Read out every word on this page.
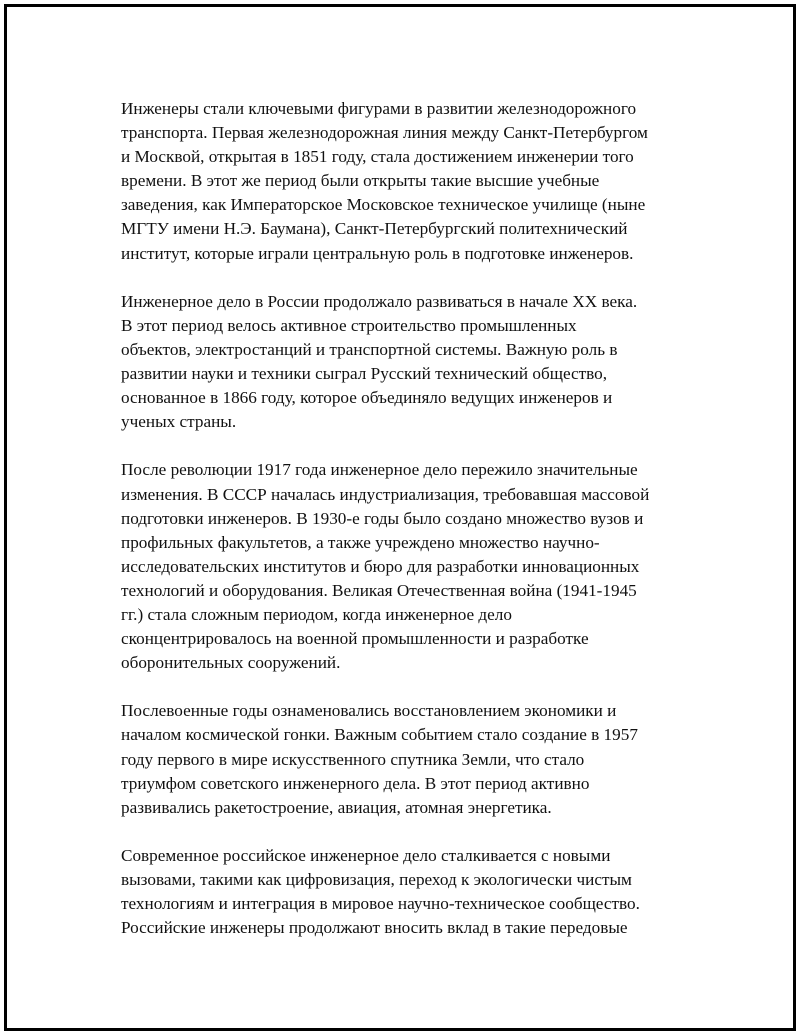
Инженеры стали ключевыми фигурами в развитии железнодорожного
транспорта. Первая железнодорожная линия между Санкт-Петербургом
и Москвой, открытая в 1851 году, стала достижением инженерии того
времени. В этот же период были открыты такие высшие учебные
заведения, как Императорское Московское техническое училище (ныне
МГТУ имени Н.Э. Баумана), Санкт-Петербургский политехнический
институт, которые играли центральную роль в подготовке инженеров.

Инженерное дело в России продолжало развиваться в начале XX века.
В этот период велось активное строительство промышленных
объектов, электростанций и транспортной системы. Важную роль в
развитии науки и техники сыграл Русский технический общество,
основанное в 1866 году, которое объединяло ведущих инженеров и
ученых страны.

После революции 1917 года инженерное дело пережило значительные
изменения. В СССР началась индустриализация, требовавшая массовой
подготовки инженеров. В 1930-е годы было создано множество вузов и
профильных факультетов, а также учреждено множество научно-
исследовательских институтов и бюро для разработки инновационных
технологий и оборудования. Великая Отечественная война (1941-1945
гг.) стала сложным периодом, когда инженерное дело
сконцентрировалось на военной промышленности и разработке
оборонительных сооружений.

Послевоенные годы ознаменовались восстановлением экономики и
началом космической гонки. Важным событием стало создание в 1957
году первого в мире искусственного спутника Земли, что стало
триумфом советского инженерного дела. В этот период активно
развивались ракетостроение, авиация, атомная энергетика.

Современное российское инженерное дело сталкивается с новыми
вызовами, такими как цифровизация, переход к экологически чистым
технологиям и интеграция в мировое научно-техническое сообщество.
Российские инженеры продолжают вносить вклад в такие передовые
